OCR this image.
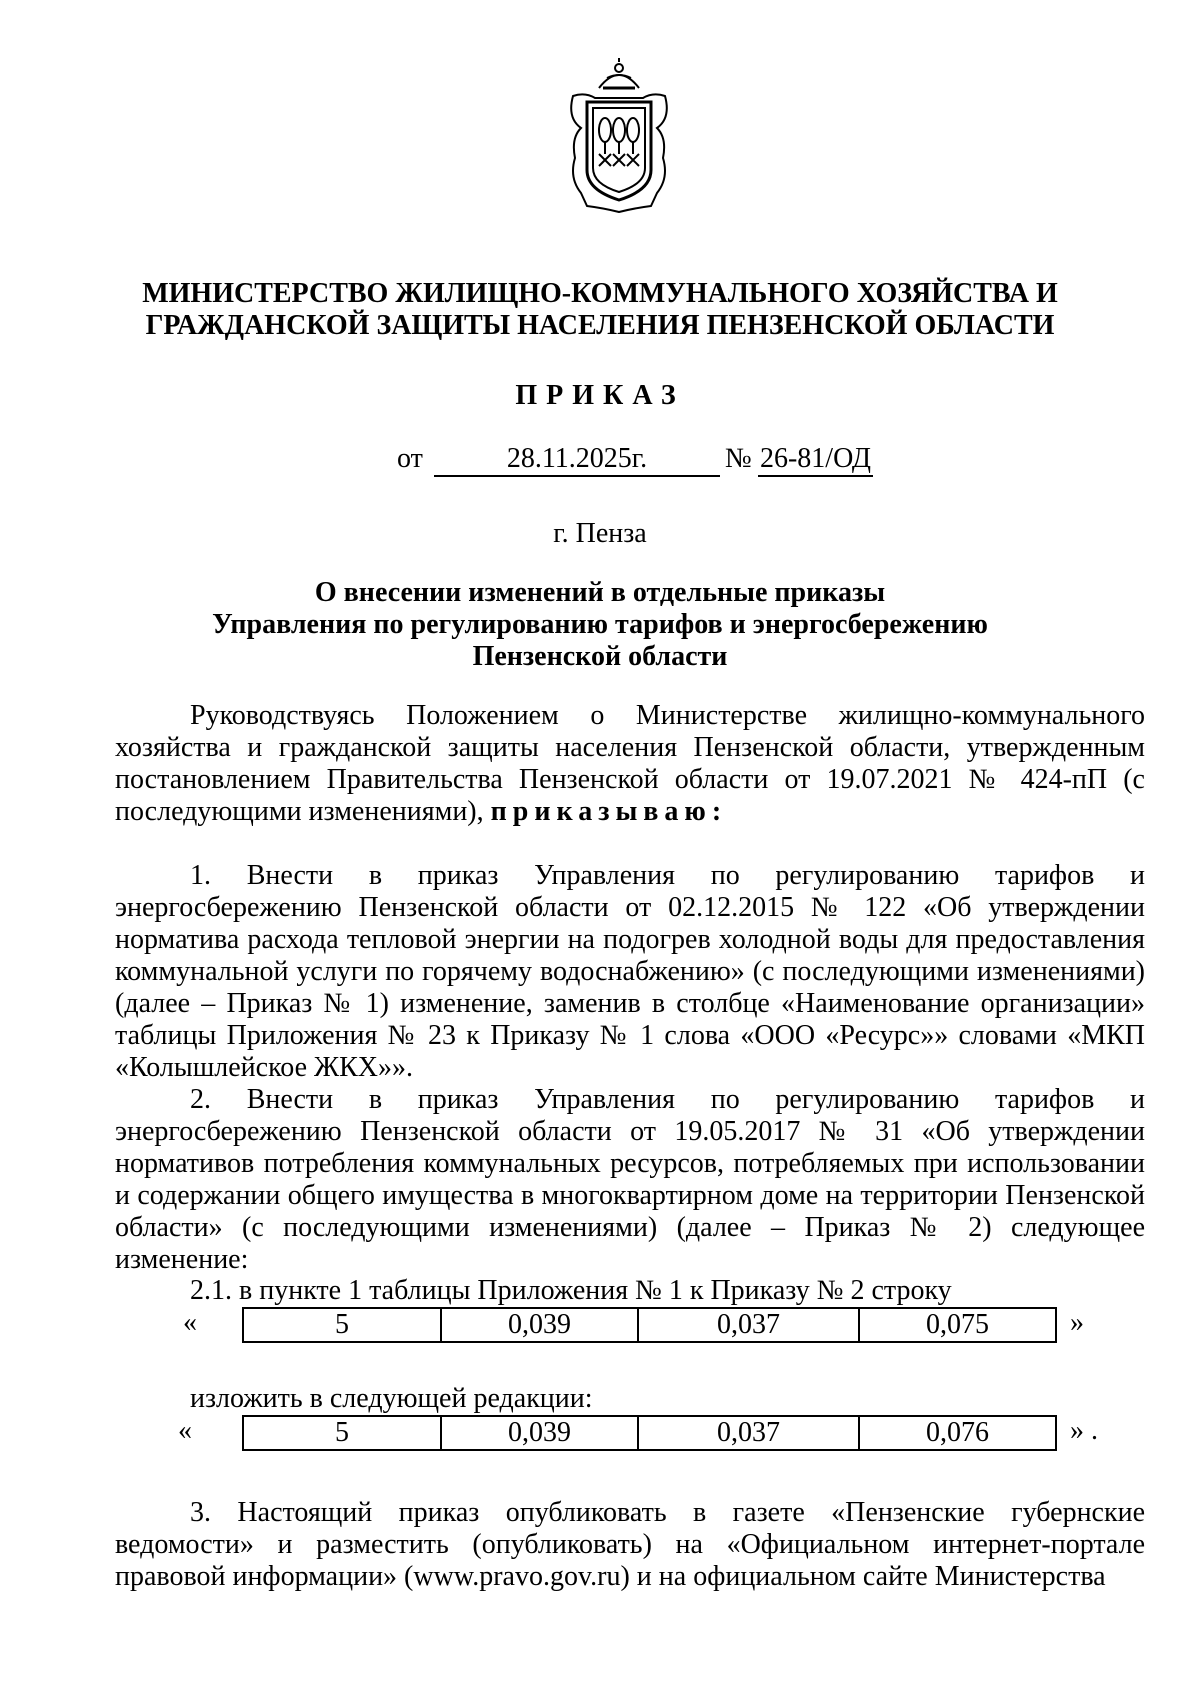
МИНИСТЕРСТВО ЖИЛИЩНО-КОММУНАЛЬНОГО ХОЗЯЙСТВА И
ГРАЖДАНСКОЙ ЗАЩИТЫ НАСЕЛЕНИЯ ПЕНЗЕНСКОЙ ОБЛАСТИ
ПРИКАЗ
от	28.11.2025г.	№ 26-81/ОД
г. Пенза
О внесении изменений в отдельные приказы
Управления по регулированию тарифов и энергосбережению
Пензенской области

Руководствуясь Положением о Министерстве жилищно-коммунального хозяйства и гражданской защиты населения Пензенской области, утвержденным постановлением Правительства Пензенской области от 19.07.2021 № 424-пП (с последующими изменениями), приказываю:

1. Внести в приказ Управления по регулированию тарифов и энергосбережению Пензенской области от 02.12.2015 № 122 «Об утверждении норматива расхода тепловой энергии на подогрев холодной воды для предоставления коммунальной услуги по горячему водоснабжению» (с последующими изменениями) (далее – Приказ № 1) изменение, заменив в столбце «Наименование организации» таблицы Приложения № 23 к Приказу № 1 слова «ООО «Ресурс»» словами «МКП «Колышлейское ЖКХ»».

2. Внести в приказ Управления по регулированию тарифов и энергосбережению Пензенской области от 19.05.2017 № 31 «Об утверждении нормативов потребления коммунальных ресурсов, потребляемых при использовании и содержании общего имущества в многоквартирном доме на территории Пензенской области» (с последующими изменениями) (далее – Приказ № 2) следующее изменение:

2.1. в пункте 1 таблицы Приложения № 1 к Приказу № 2 строку

«	5	0,039	0,037	0,075	»

изложить в следующей редакции:

«	5	0,039	0,037	0,076	» .

3. Настоящий приказ опубликовать в газете «Пензенские губернские ведомости» и разместить (опубликовать) на «Официальном интернет-портале правовой информации» (www.pravo.gov.ru) и на официальном сайте Министерства
